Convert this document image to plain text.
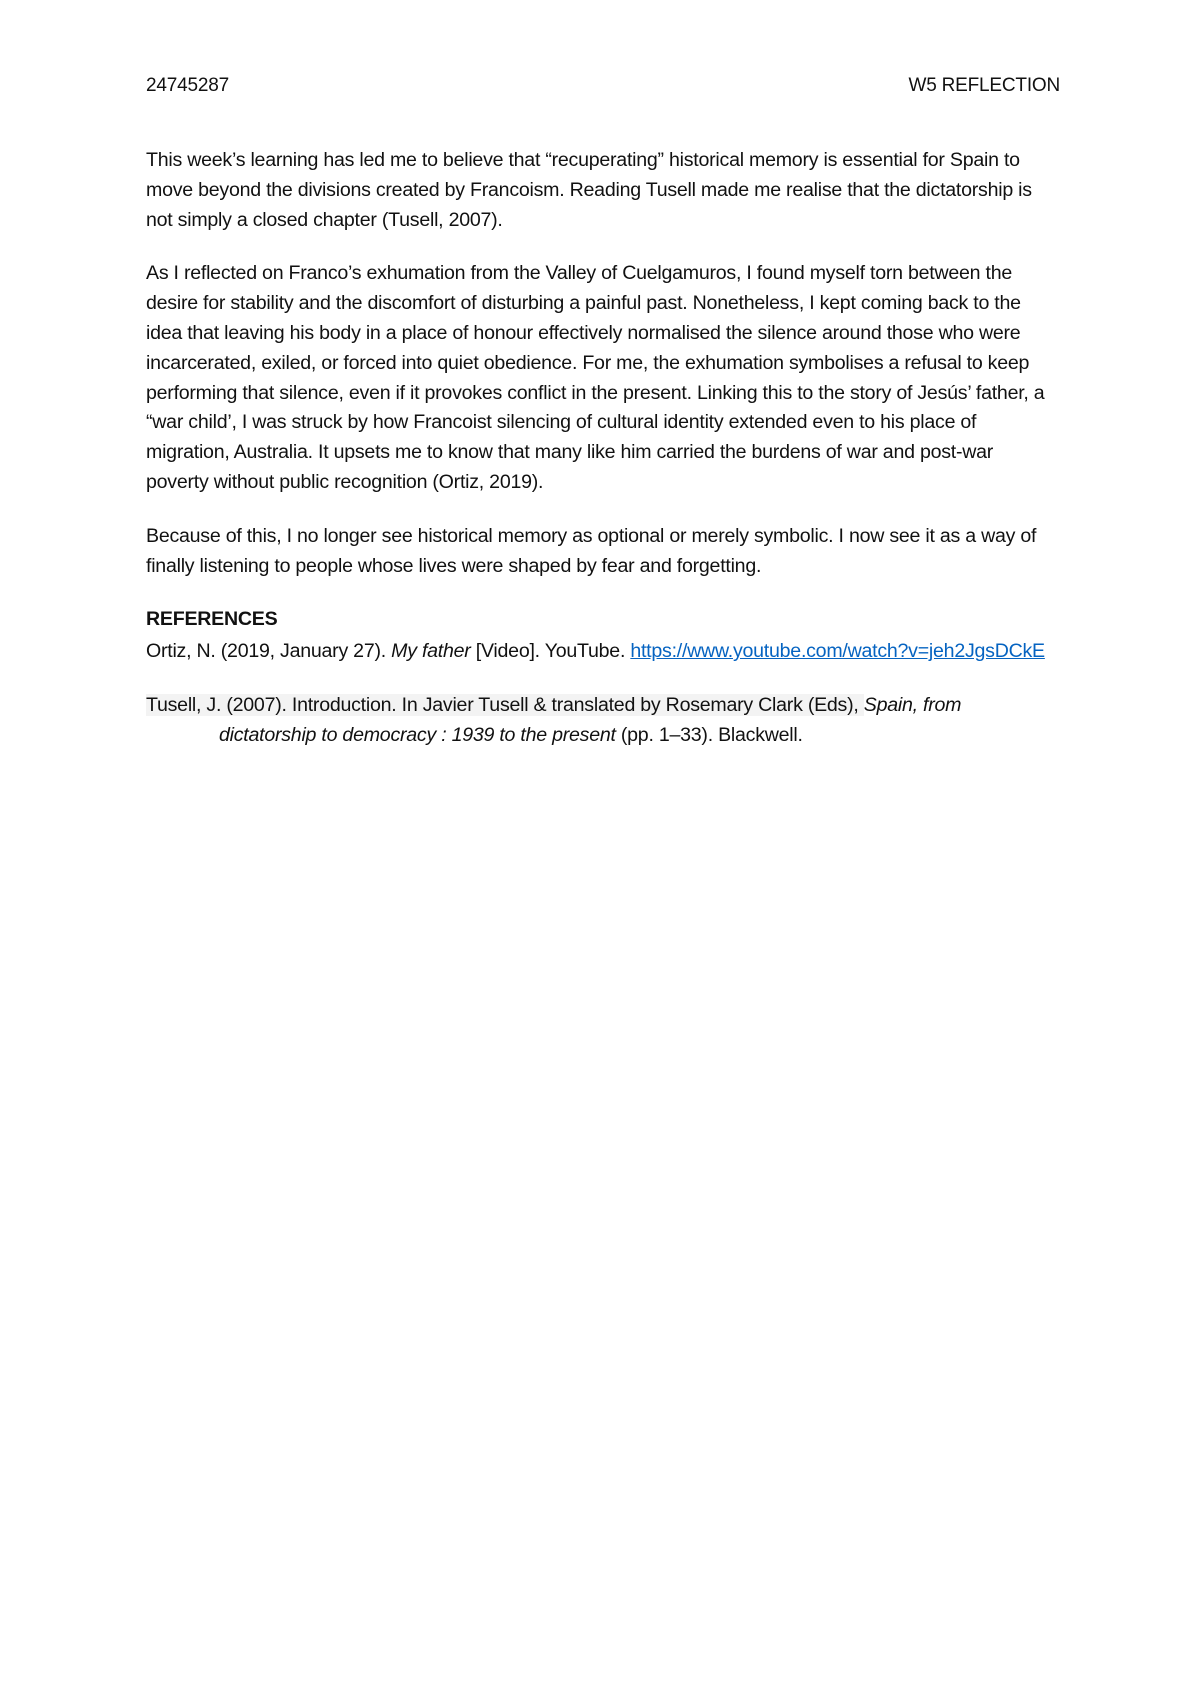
24745287	W5 REFLECTION

This week’s learning has led me to believe that “recuperating” historical memory is essential for Spain to move beyond the divisions created by Francoism. Reading Tusell made me realise that the dictatorship is not simply a closed chapter (Tusell, 2007).

As I reflected on Franco’s exhumation from the Valley of Cuelgamuros, I found myself torn between the desire for stability and the discomfort of disturbing a painful past. Nonetheless, I kept coming back to the idea that leaving his body in a place of honour effectively normalised the silence around those who were incarcerated, exiled, or forced into quiet obedience. For me, the exhumation symbolises a refusal to keep performing that silence, even if it provokes conflict in the present. Linking this to the story of Jesús’ father, a “war child’, I was struck by how Francoist silencing of cultural identity extended even to his place of migration, Australia. It upsets me to know that many like him carried the burdens of war and post-war poverty without public recognition (Ortiz, 2019).

Because of this, I no longer see historical memory as optional or merely symbolic. I now see it as a way of finally listening to people whose lives were shaped by fear and forgetting.

REFERENCES

Ortiz, N. (2019, January 27). My father [Video]. YouTube. https://www.youtube.com/watch?v=jeh2JgsDCkE

Tusell, J. (2007). Introduction. In Javier Tusell & translated by Rosemary Clark (Eds), Spain, from dictatorship to democracy : 1939 to the present (pp. 1–33). Blackwell.
